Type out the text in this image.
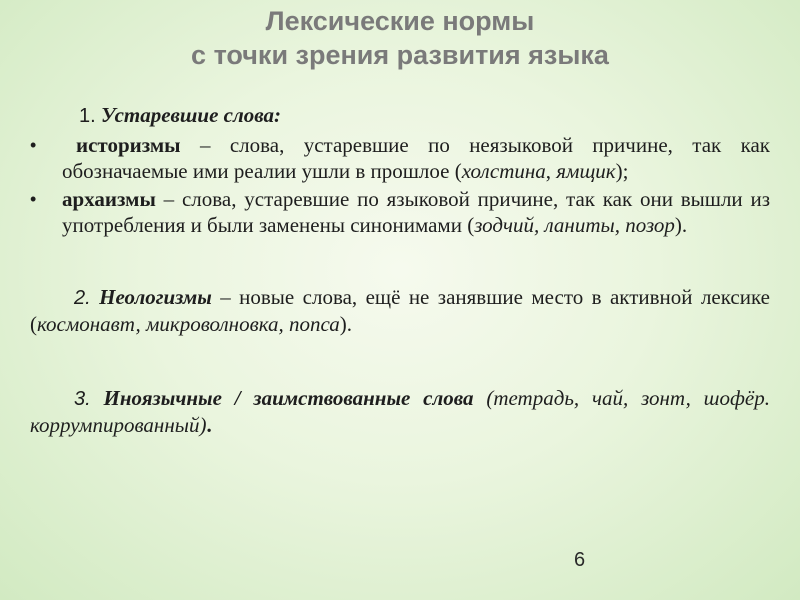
Лексические нормы
с точки зрения развития языка
1. Устаревшие слова:
• историзмы – слова, устаревшие по неязыковой причине, так как обозначаемые ими реалии ушли в прошлое (холстина, ямщик);
• архаизмы – слова, устаревшие по языковой причине, так как они вышли из употребления и были заменены синонимами (зодчий, ланиты, позор).
2. Неологизмы – новые слова, ещё не занявшие место в активной лексике (космонавт, микроволновка, попса).
3. Иноязычные / заимствованные слова (тетрадь, чай, зонт, шофёр. коррумпированный).
6
